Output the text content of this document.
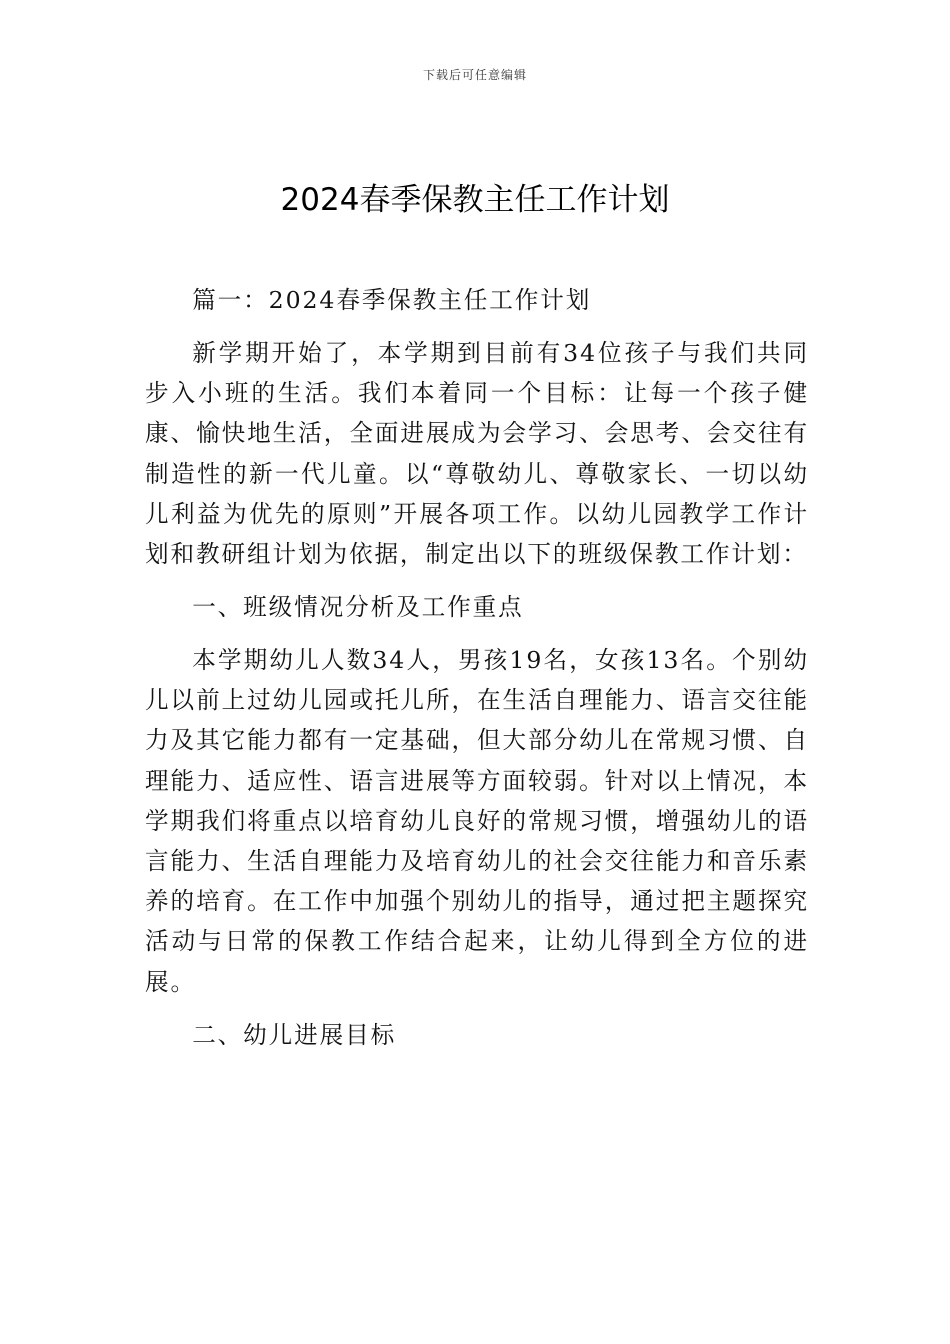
下载后可任意编辑
2024春季保教主任工作计划

篇一：2024春季保教主任工作计划

新学期开始了，本学期到目前有34位孩子与我们共同步入小班的生活。我们本着同一个目标：让每一个孩子健康、愉快地生活，全面进展成为会学习、会思考、会交往有制造性的新一代儿童。以“尊敬幼儿、尊敬家长、一切以幼儿利益为优先的原则”开展各项工作。以幼儿园教学工作计划和教研组计划为依据，制定出以下的班级保教工作计划：

一、班级情况分析及工作重点

本学期幼儿人数34人，男孩19名，女孩13名。个别幼儿以前上过幼儿园或托儿所，在生活自理能力、语言交往能力及其它能力都有一定基础，但大部分幼儿在常规习惯、自理能力、适应性、语言进展等方面较弱。针对以上情况，本学期我们将重点以培育幼儿良好的常规习惯，增强幼儿的语言能力、生活自理能力及培育幼儿的社会交往能力和音乐素养的培育。在工作中加强个别幼儿的指导，通过把主题探究活动与日常的保教工作结合起来，让幼儿得到全方位的进展。

二、幼儿进展目标
